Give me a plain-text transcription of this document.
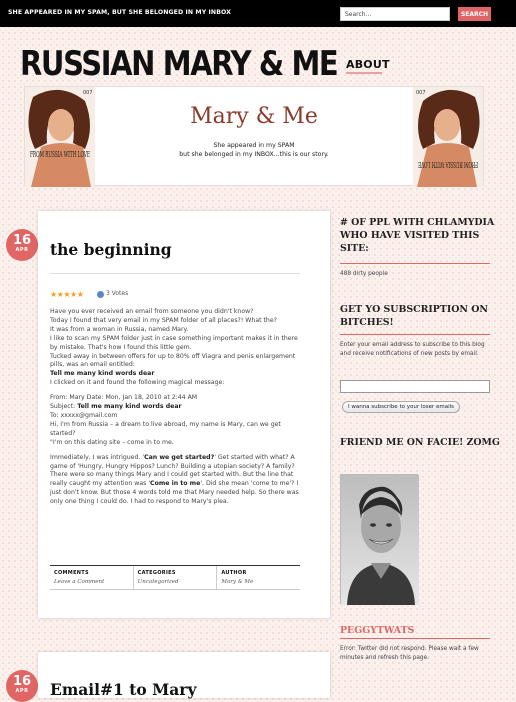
SHE APPEARED IN MY SPAM, BUT SHE BELONGED IN MY INBOX
Search...	SEARCH
RUSSIAN MARY & ME ABOUT
FROM RUSSIA WITH LOVE
007
Mary & Me
She appeared in my SPAM
but she belonged in my INBOX...this is our story.
FROM RUSSIA WITH LOVE
007
16
APR	the beginning
★★★★★	3 Votes

Have you ever received an email from someone you didn't know?

Today I found that very email in my SPAM folder of all places?! What the?

It was from a woman in Russia, named Mary.

I like to scan my SPAM folder just in case something important makes it in there

by mistake. That's how I found this little gem.

Tucked away in between offers for up to 80% off Viagra and penis enlargement

pills, was an email entitled:

Tell me many kind words dear

I clicked on it and found the following magical message:

From: Mary Date: Mon, Jan 18, 2010 at 2:44 AM

Subject: Tell me many kind words dear

To: xxxxx@gmail.com

Hi, I'm from Russia – a dream to live abroad, my name is Mary, can we get

started?

"I'm on this dating site – come in to me.

Immediately, I was intrigued. 'Can we get started?' Get started with what? A

game of 'Hungry, Hungry Hippos? Lunch? Building a utopian society? A family?

There were so many things Mary and I could get started with. But the line that

really caught my attention was 'Come in to me'. Did she mean 'come to me'? I

just don't know. But those 4 words told me that Mary needed help. So there was

only one thing I could do. I had to respond to Mary's plea.

COMMENTS
Leave a Comment
CATEGORIES
Uncategorized
AUTHOR
Mary & Me
16
APR	Email#1 to Mary
# OF PPL WITH CHLAMYDIA WHO HAVE VISITED THIS SITE:
488 dirty people
GET YO SUBSCRIPTION ON BITCHES!
Enter your email address to subscribe to this blog and receive notifications of new posts by email.
I wanna subscribe to your loser emails
FRIEND ME ON FACIE! ZOMG
PEGGYTWATS
Error: Twitter did not respond. Please wait a few minutes and refresh this page.
